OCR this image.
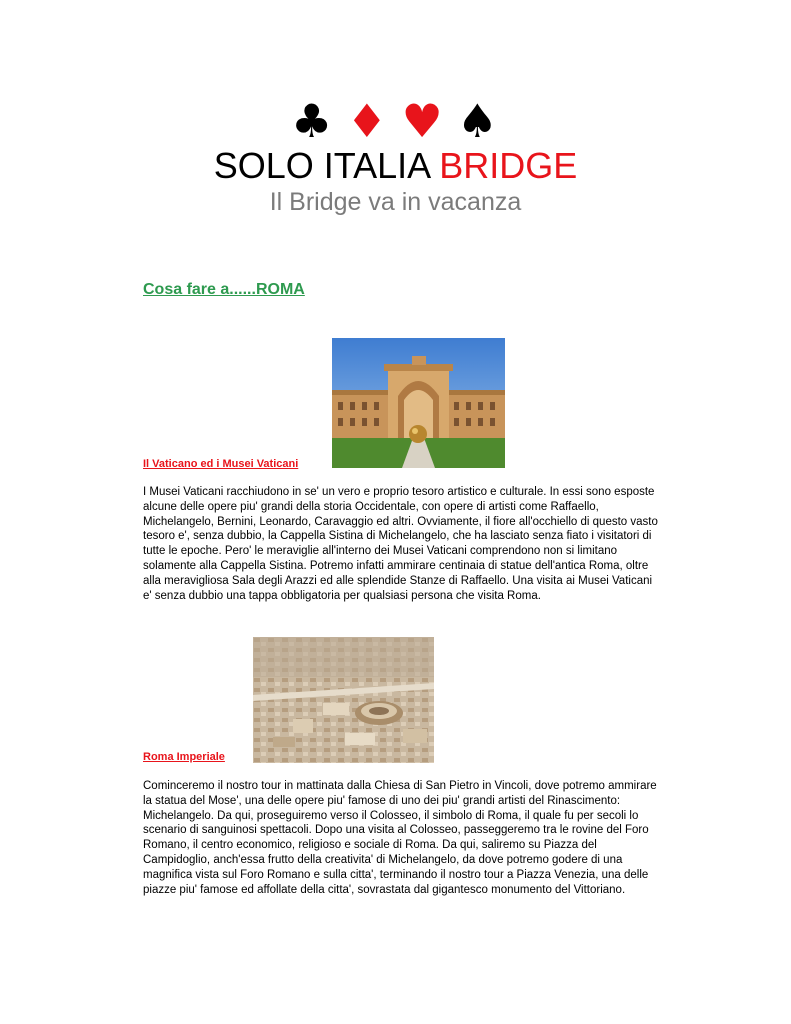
♣ ♦ ♥ ♠
SOLO ITALIA BRIDGE
Il Bridge va in vacanza
Cosa fare a......ROMA
Il Vaticano ed i Musei Vaticani

I Musei Vaticani racchiudono in se' un vero e proprio tesoro artistico e culturale. In essi sono esposte alcune delle opere piu' grandi della storia Occidentale, con opere di artisti come Raffaello, Michelangelo, Bernini, Leonardo, Caravaggio ed altri. Ovviamente, il fiore all'occhiello di questo vasto tesoro e', senza dubbio, la Cappella Sistina di Michelangelo, che ha lasciato senza fiato i visitatori di tutte le epoche. Pero' le meraviglie all'interno dei Musei Vaticani comprendono non si limitano solamente alla Cappella Sistina. Potremo infatti ammirare centinaia di statue dell'antica Roma, oltre alla meravigliosa Sala degli Arazzi ed alle splendide Stanze di Raffaello. Una visita ai Musei Vaticani e' senza dubbio una tappa obbligatoria per qualsiasi persona che visita Roma.

Roma Imperiale

Cominceremo il nostro tour in mattinata dalla Chiesa di San Pietro in Vincoli, dove potremo ammirare la statua del Mose', una delle opere piu' famose di uno dei piu' grandi artisti del Rinascimento: Michelangelo. Da qui, proseguiremo verso il Colosseo, il simbolo di Roma, il quale fu per secoli lo scenario di sanguinosi spettacoli. Dopo una visita al Colosseo, passeggeremo tra le rovine del Foro Romano, il centro economico, religioso e sociale di Roma. Da qui, saliremo su Piazza del Campidoglio, anch'essa frutto della creativita' di Michelangelo, da dove potremo godere di una magnifica vista sul Foro Romano e sulla citta', terminando il nostro tour a Piazza Venezia, una delle piazze piu' famose ed affollate della citta', sovrastata dal gigantesco monumento del Vittoriano.
